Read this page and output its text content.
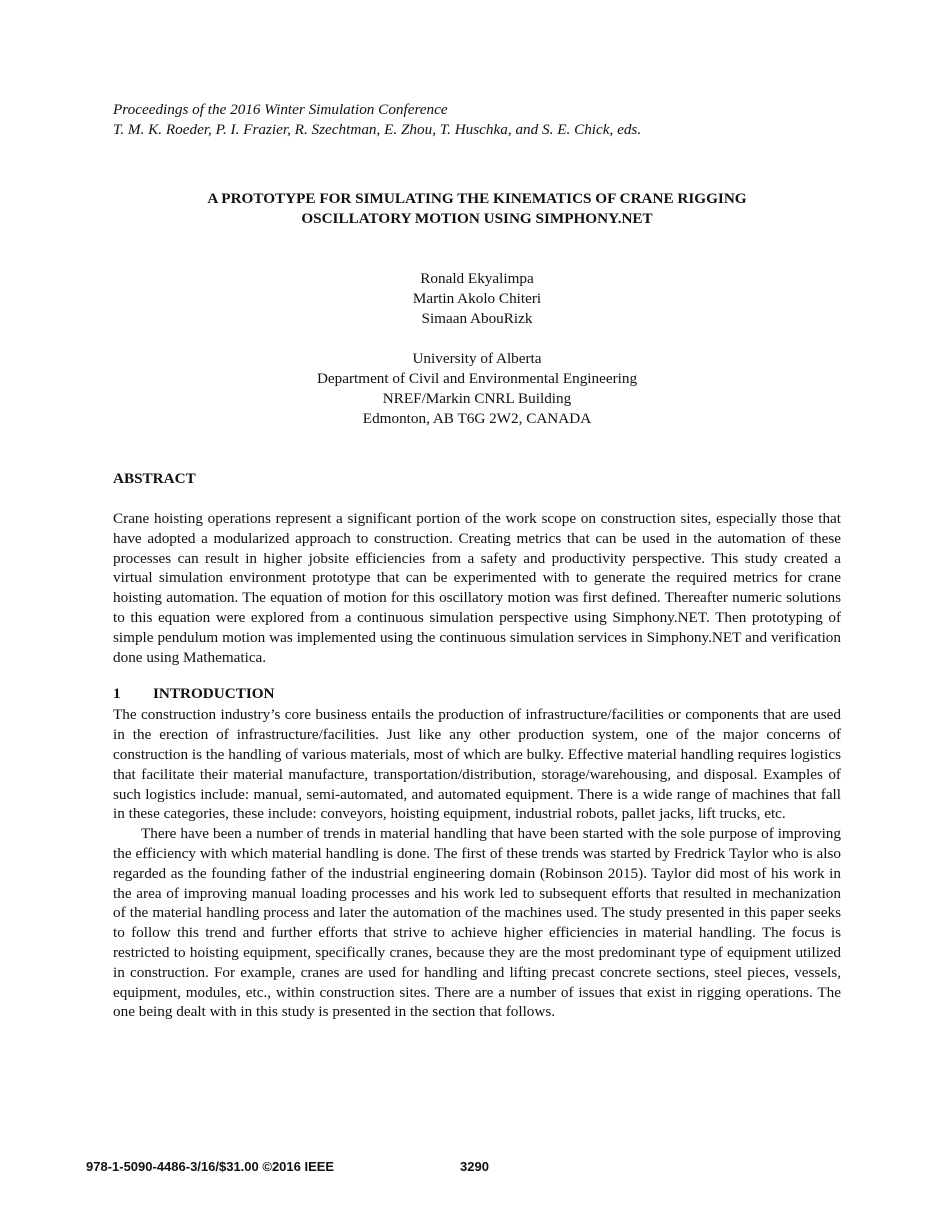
Proceedings of the 2016 Winter Simulation Conference
T. M. K. Roeder, P. I. Frazier, R. Szechtman, E. Zhou, T. Huschka, and S. E. Chick, eds.
A PROTOTYPE FOR SIMULATING THE KINEMATICS OF CRANE RIGGING
OSCILLATORY MOTION USING SIMPHONY.NET
Ronald Ekyalimpa
Martin Akolo Chiteri
Simaan AbouRizk
University of Alberta
Department of Civil and Environmental Engineering
NREF/Markin CNRL Building
Edmonton, AB T6G 2W2, CANADA
ABSTRACT
Crane hoisting operations represent a significant portion of the work scope on construction sites, especially those that have adopted a modularized approach to construction. Creating metrics that can be used in the automation of these processes can result in higher jobsite efficiencies from a safety and productivity perspective. This study created a virtual simulation environment prototype that can be experimented with to generate the required metrics for crane hoisting automation. The equation of motion for this oscillatory motion was first defined. Thereafter numeric solutions to this equation were explored from a continuous simulation perspective using Simphony.NET. Then prototyping of simple pendulum motion was implemented using the continuous simulation services in Simphony.NET and verification done using Mathematica.
1	INTRODUCTION

The construction industry’s core business entails the production of infrastructure/facilities or components that are used in the erection of infrastructure/facilities. Just like any other production system, one of the major concerns of construction is the handling of various materials, most of which are bulky. Effective material handling requires logistics that facilitate their material manufacture, transportation/distribution, storage/warehousing, and disposal. Examples of such logistics include: manual, semi-automated, and automated equipment. There is a wide range of machines that fall in these categories, these include: conveyors, hoisting equipment, industrial robots, pallet jacks, lift trucks, etc.

There have been a number of trends in material handling that have been started with the sole purpose of improving the efficiency with which material handling is done. The first of these trends was started by Fredrick Taylor who is also regarded as the founding father of the industrial engineering domain (Robinson 2015). Taylor did most of his work in the area of improving manual loading processes and his work led to subsequent efforts that resulted in mechanization of the material handling process and later the automation of the machines used. The study presented in this paper seeks to follow this trend and further efforts that strive to achieve higher efficiencies in material handling. The focus is restricted to hoisting equipment, specifically cranes, because they are the most predominant type of equipment utilized in construction. For example, cranes are used for handling and lifting precast concrete sections, steel pieces, vessels, equipment, modules, etc., within construction sites. There are a number of issues that exist in rigging operations. The one being dealt with in this study is presented in the section that follows.

978-1-5090-4486-3/16/$31.00 ©2016 IEEE	3290
